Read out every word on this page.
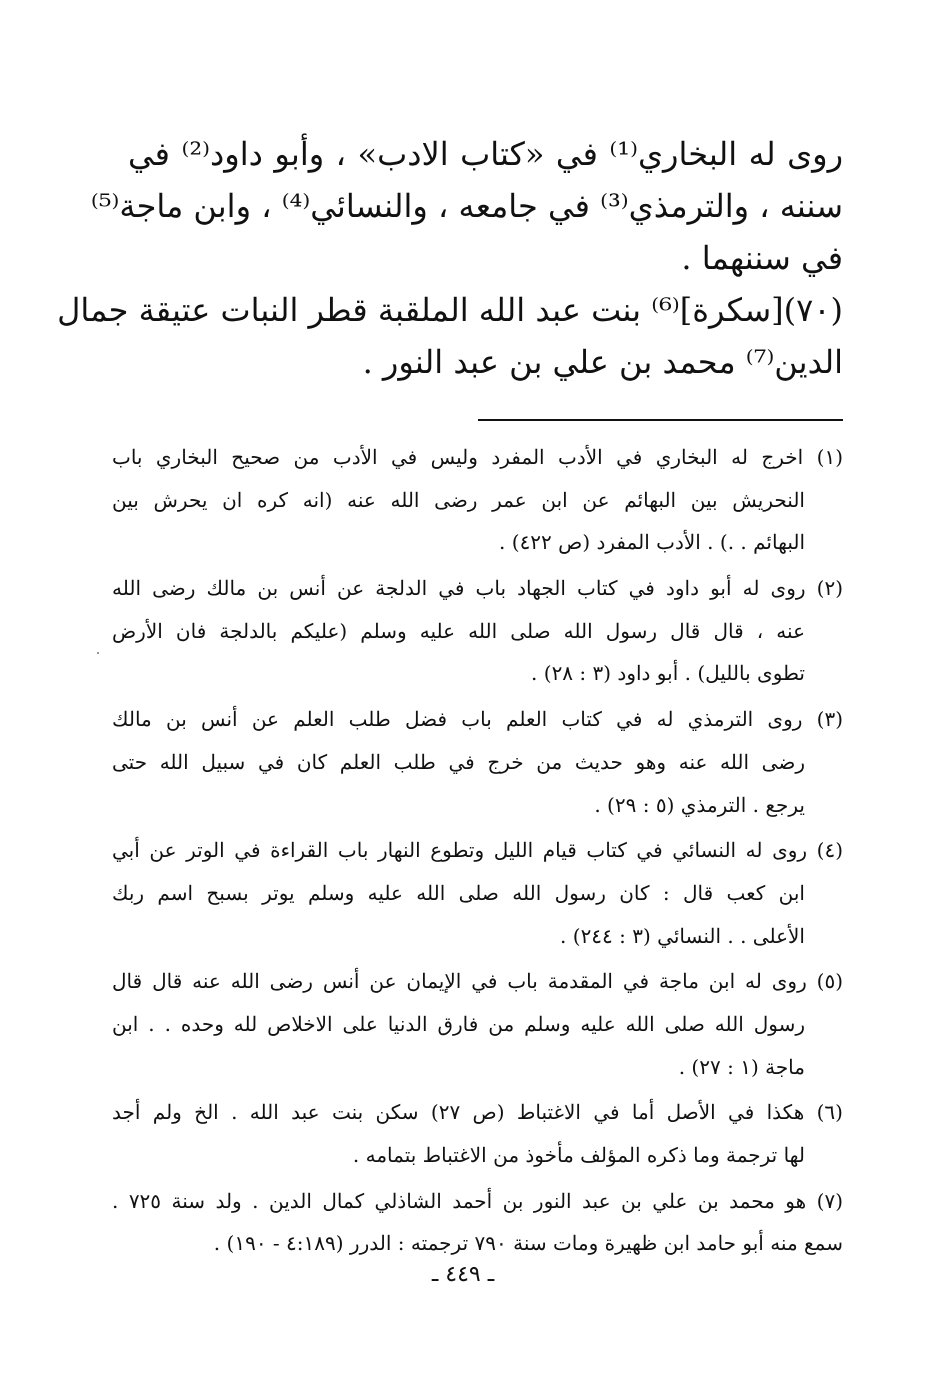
روى له البخاري⁽¹⁾ في «كتاب الادب» ، وأبو داود⁽²⁾ في
سننه ، والترمذي⁽³⁾ في جامعه ، والنسائي⁽⁴⁾ ، وابن ماجة⁽⁵⁾
في سننهما .
(٧٠)[سكرة]⁽⁶⁾ بنت عبد الله الملقبة قطر النبات عتيقة جمال
الدين⁽⁷⁾ محمد بن علي بن عبد النور .
(١) اخرج له البخاري في الأدب المفرد وليس في الأدب من صحيح البخاري باب
النحريش بين البهائم عن ابن عمر رضى الله عنه (انه كره ان يحرش بين
البهائم . .) . الأدب المفرد (ص ٤٢٢) .
(٢) روى له أبو داود في كتاب الجهاد باب في الدلجة عن أنس بن مالك رضى الله
عنه ، قال قال رسول الله صلى الله عليه وسلم (عليكم بالدلجة فان الأرض
تطوى بالليل) . أبو داود (٣ : ٢٨) .
(٣) روى الترمذي له في كتاب العلم باب فضل طلب العلم عن أنس بن مالك
رضى الله عنه وهو حديث من خرج في طلب العلم كان في سبيل الله حتى
يرجع . الترمذي (٥ : ٢٩) .
(٤) روى له النسائي في كتاب قيام الليل وتطوع النهار باب القراءة في الوتر عن أبي
ابن كعب قال : كان رسول الله صلى الله عليه وسلم يوتر بسبح اسم ربك
الأعلى . . النسائي (٣ : ٢٤٤) .
(٥) روى له ابن ماجة في المقدمة باب في الإيمان عن أنس رضى الله عنه قال قال
رسول الله صلى الله عليه وسلم من فارق الدنيا على الاخلاص لله وحده . . ابن
ماجة (١ : ٢٧) .
(٦) هكذا في الأصل أما في الاغتباط (ص ٢٧) سكن بنت عبد الله . الخ ولم أجد
لها ترجمة وما ذكره المؤلف مأخوذ من الاغتباط بتمامه .
(٧) هو محمد بن علي بن عبد النور بن أحمد الشاذلي كمال الدين . ولد سنة ٧٢٥ .
سمع منه أبو حامد ابن ظهيرة ومات سنة ٧٩٠ ترجمته : الدرر (٤:١٨٩ - ١٩٠) .
ـ ٤٤٩ ـ
